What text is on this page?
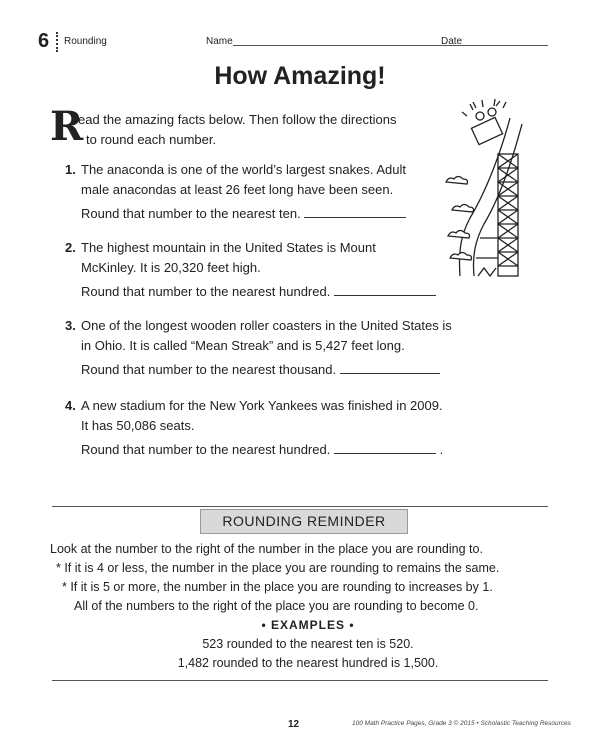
6 Rounding	Name	Date
How Amazing!
R
ead the amazing facts below. Then follow the directions
to round each number.
1. The anaconda is one of the world’s largest snakes. Adult
male anacondas at least 26 feet long have been seen.
Round that number to the nearest ten.
2. The highest mountain in the United States is Mount
McKinley. It is 20,320 feet high.
Round that number to the nearest hundred.
3. One of the longest wooden roller coasters in the United States is
in Ohio. It is called “Mean Streak” and is 5,427 feet long.
Round that number to the nearest thousand.
4. A new stadium for the New York Yankees was finished in 2009.
It has 50,086 seats.
Round that number to the nearest hundred.	.
ROUNDING REMINDER
Look at the number to the right of the number in the place you are rounding to.
* If it is 4 or less, the number in the place you are rounding to remains the same.
* If it is 5 or more, the number in the place you are rounding to increases by 1.
All of the numbers to the right of the place you are rounding to become 0.
• EXAMPLES •
523 rounded to the nearest ten is 520.
1,482 rounded to the nearest hundred is 1,500.
12	100 Math Practice Pages, Grade 3 © 2015 • Scholastic Teaching Resources
